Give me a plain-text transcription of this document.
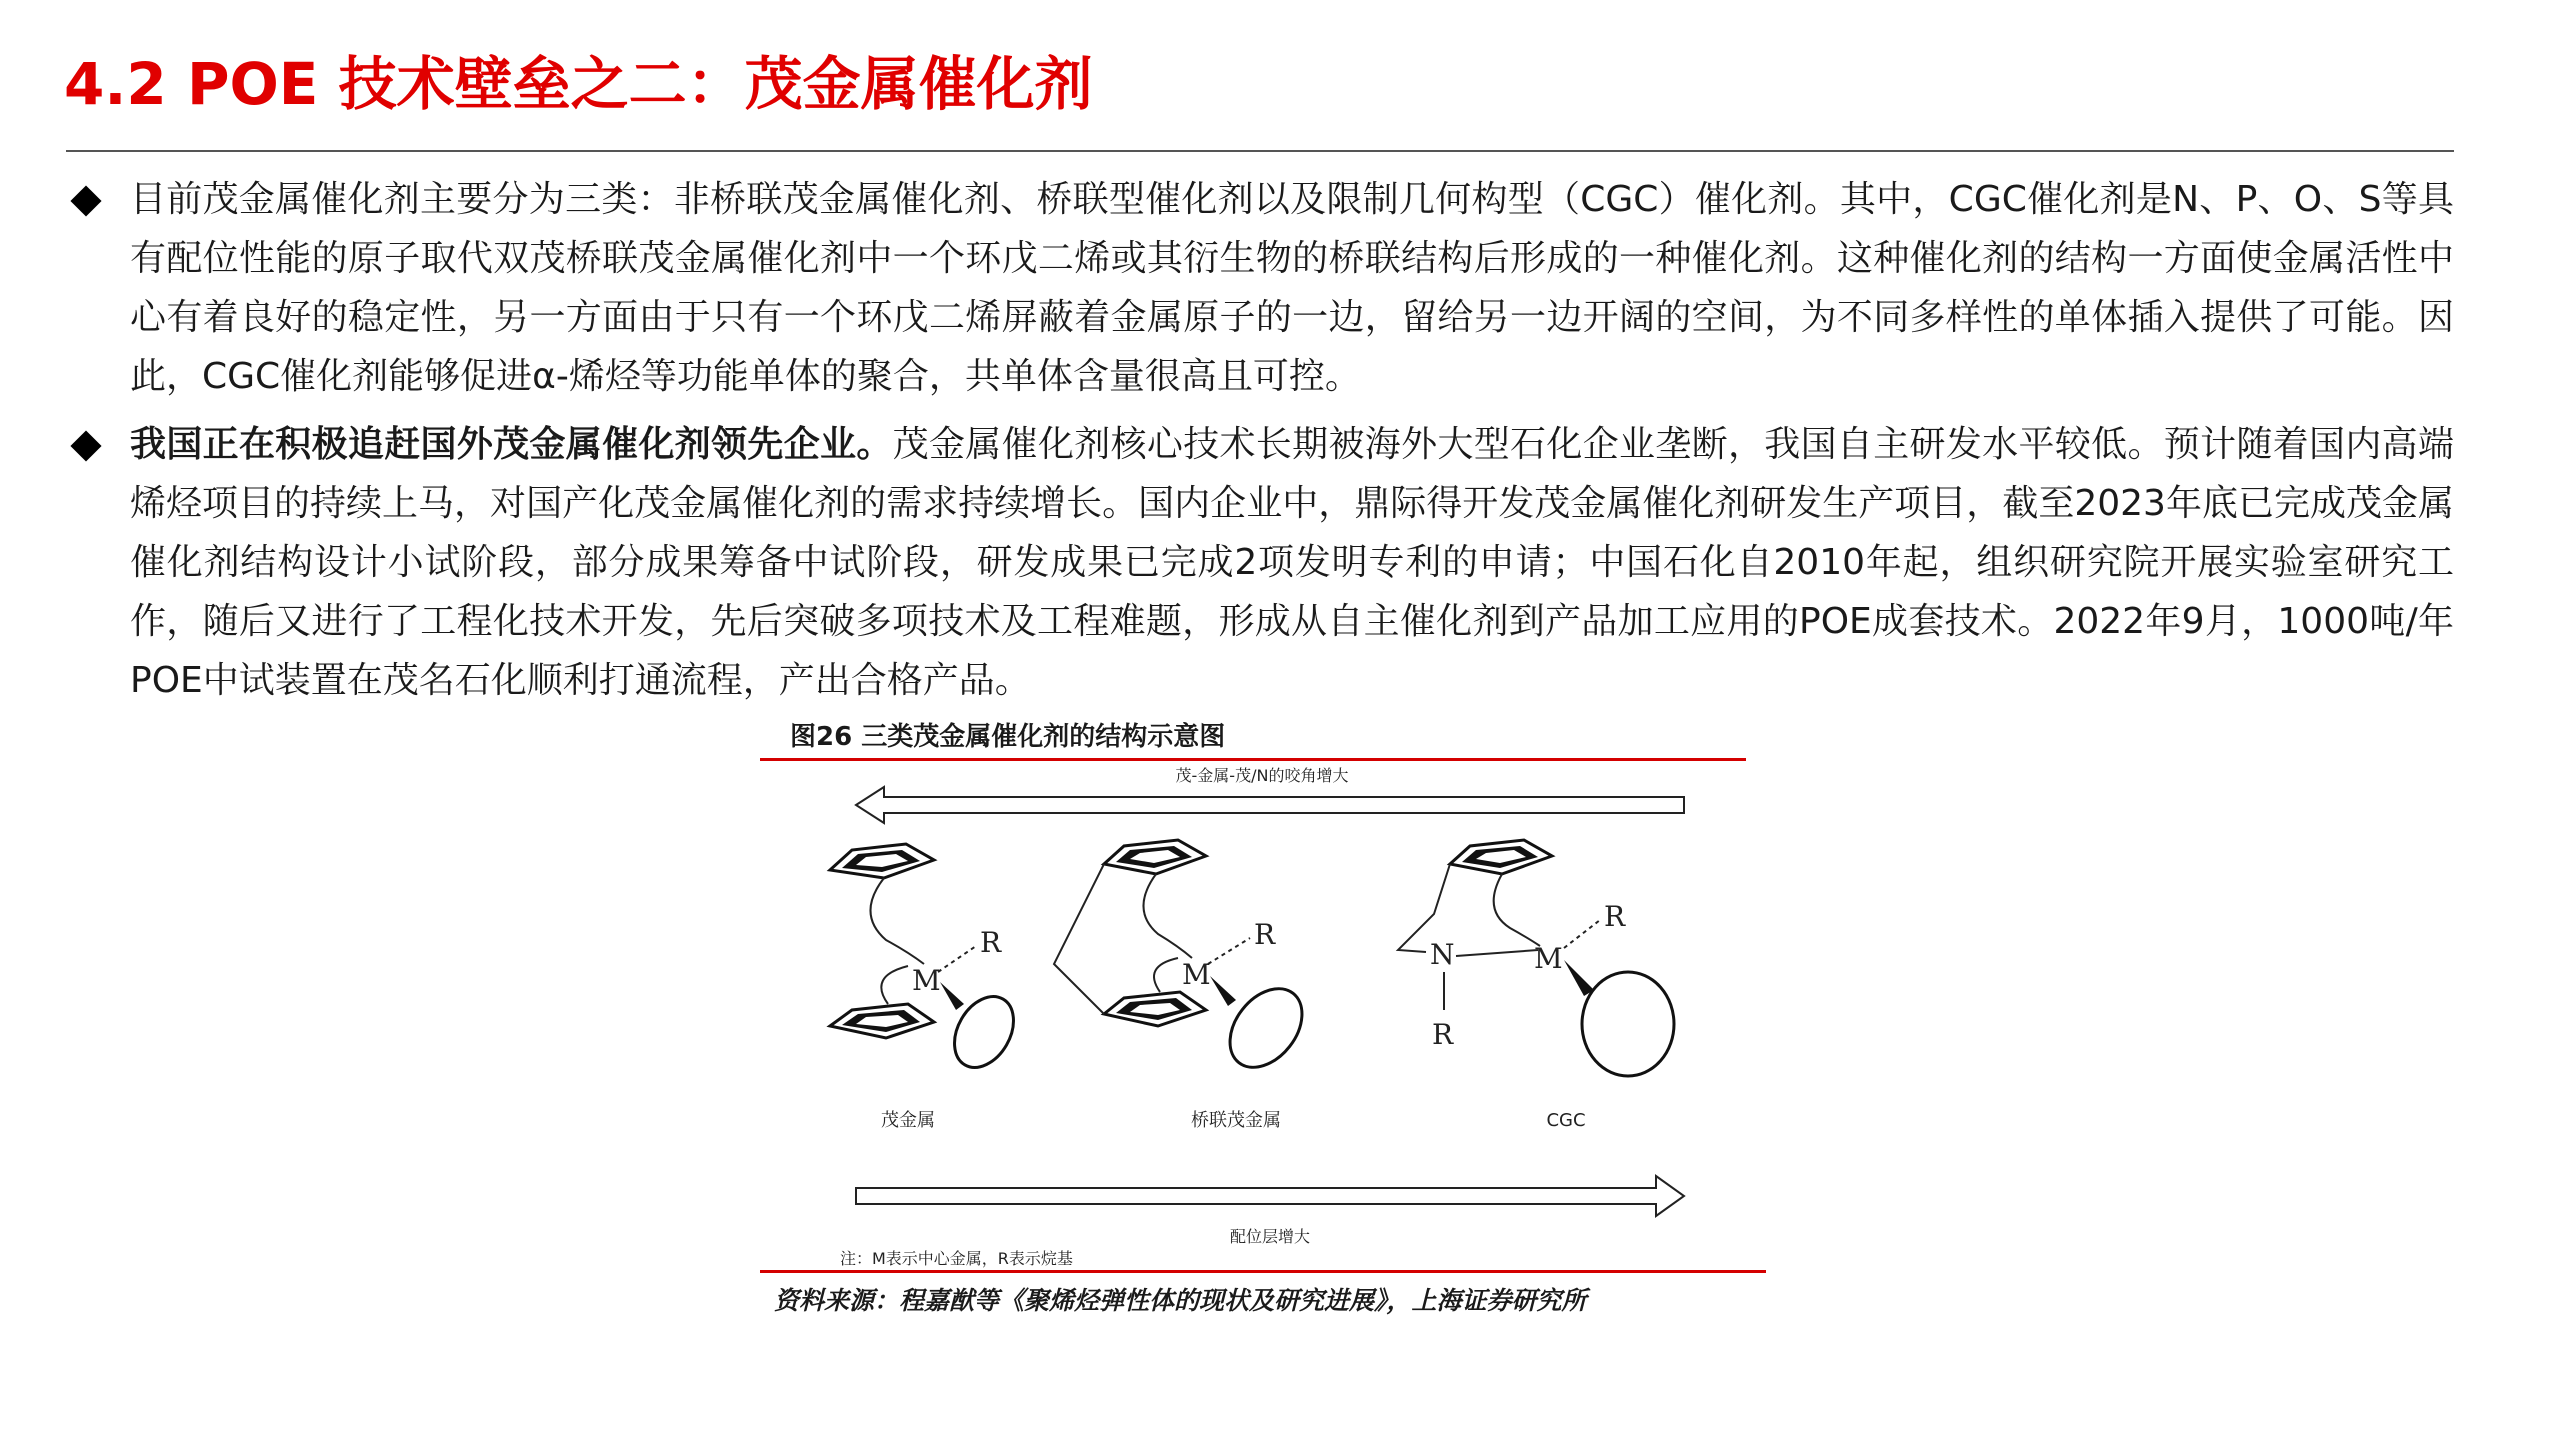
4.2 POE 技术壁垒之二：茂金属催化剂
目前茂金属催化剂主要分为三类：非桥联茂金属催化剂、桥联型催化剂以及限制几何构型（CGC）催化剂。其中，CGC催化剂是N、P、O、S等具有配位性能的原子取代双茂桥联茂金属催化剂中一个环戊二烯或其衍生物的桥联结构后形成的一种催化剂。这种催化剂的结构一方面使金属活性中心有着良好的稳定性，另一方面由于只有一个环戊二烯屏蔽着金属原子的一边，留给另一边开阔的空间，为不同多样性的单体插入提供了可能。因此，CGC催化剂能够促进α-烯烃等功能单体的聚合，共单体含量很高且可控。
我国正在积极追赶国外茂金属催化剂领先企业。茂金属催化剂核心技术长期被海外大型石化企业垄断，我国自主研发水平较低。预计随着国内高端烯烃项目的持续上马，对国产化茂金属催化剂的需求持续增长。国内企业中，鼎际得开发茂金属催化剂研发生产项目，截至2023年底已完成茂金属催化剂结构设计小试阶段，部分成果筹备中试阶段，研发成果已完成2项发明专利的申请；中国石化自2010年起，组织研究院开展实验室研究工作，随后又进行了工程化技术开发，先后突破多项技术及工程难题，形成从自主催化剂到产品加工应用的POE成套技术。2022年9月，1000吨/年POE中试装置在茂名石化顺利打通流程，产出合格产品。
图26 三类茂金属催化剂的结构示意图
茂-金属-茂/N的咬角增大
M
R
茂金属
M
R
桥联茂金属
N
R
M
R
CGC
配位层增大
注：M表示中心金属，R表示烷基
资料来源：程嘉猷等《聚烯烃弹性体的现状及研究进展》，上海证券研究所
